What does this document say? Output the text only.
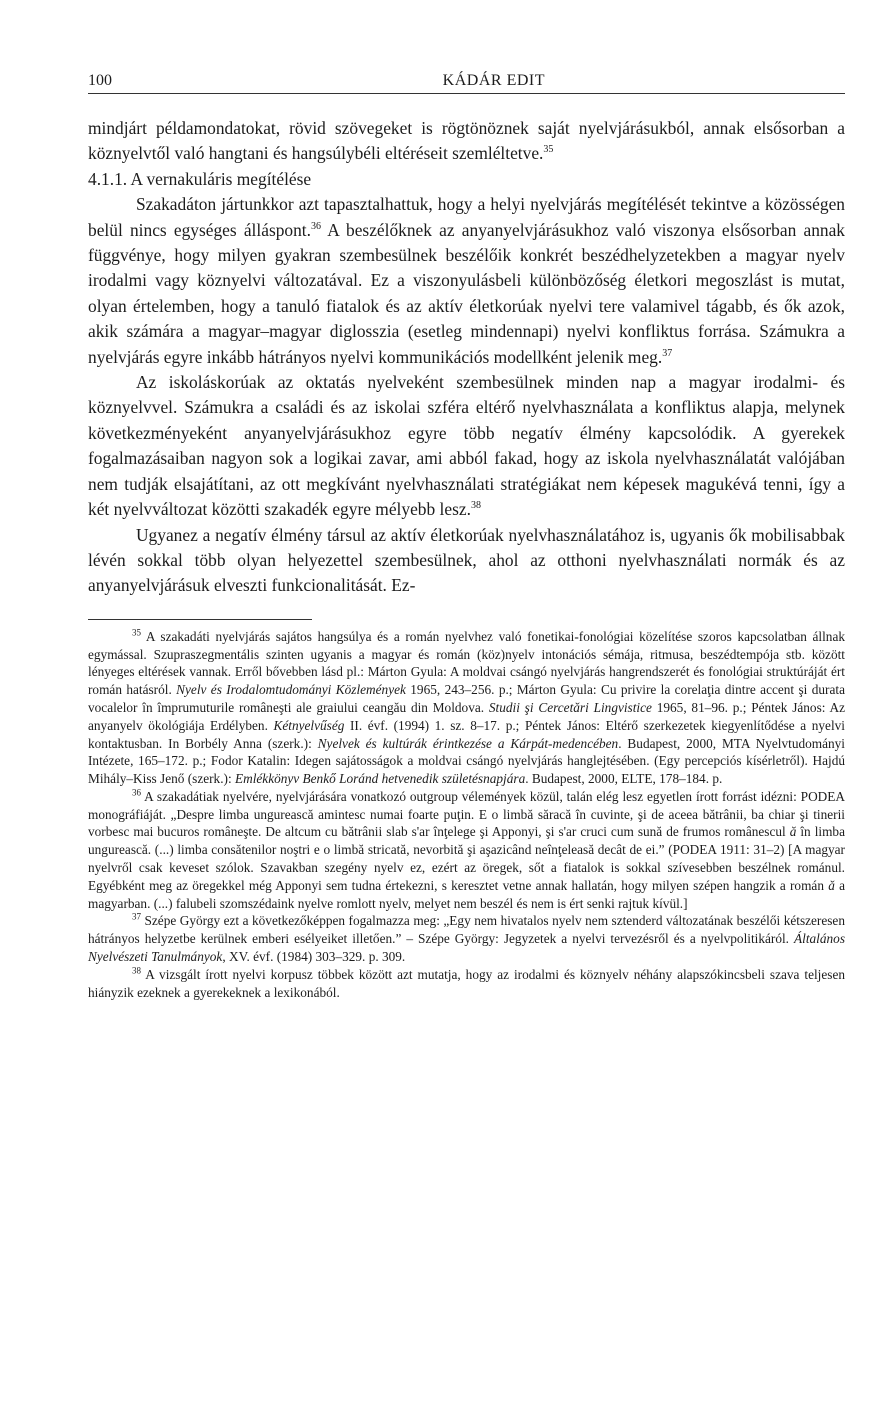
100	KÁDÁR EDIT

mindjárt példamondatokat, rövid szövegeket is rögtönöznek saját nyelvjárásukból, annak elsősorban a köznyelvtől való hangtani és hangsúlybéli eltéréseit szemléltetve.$^{35}$

4.1.1. A vernakuláris megítélése

Szakadáton jártunkkor azt tapasztalhattuk, hogy a helyi nyelvjárás megítélését tekintve a közösségen belül nincs egységes álláspont.$^{36}$ A beszélőknek az anyanyelvjárásukhoz való viszonya elsősorban annak függvénye, hogy milyen gyakran szembesülnek beszélőik konkrét beszédhelyzetekben a magyar nyelv irodalmi vagy köznyelvi változatával. Ez a viszonyulásbeli különbözőség életkori megoszlást is mutat, olyan értelemben, hogy a tanuló fiatalok és az aktív életkorúak nyelvi tere valamivel tágabb, és ők azok, akik számára a magyar–magyar diglosszia (esetleg mindennapi) nyelvi konfliktus forrása. Számukra a nyelvjárás egyre inkább hátrányos nyelvi kommunikációs modellként jelenik meg.$^{37}$

Az iskoláskorúak az oktatás nyelveként szembesülnek minden nap a magyar irodalmi- és köznyelvvel. Számukra a családi és az iskolai szféra eltérő nyelvhasználata a konfliktus alapja, melynek következményeként anyanyelvjárásukhoz egyre több negatív élmény kapcsolódik. A gyerekek fogalmazásaiban nagyon sok a logikai zavar, ami abból fakad, hogy az iskola nyelvhasználatát valójában nem tudják elsajátítani, az ott megkívánt nyelvhasználati stratégiákat nem képesek magukévá tenni, így a két nyelvváltozat közötti szakadék egyre mélyebb lesz.$^{38}$

Ugyanez a negatív élmény társul az aktív életkorúak nyelvhasználatához is, ugyanis ők mobilisabbak lévén sokkal több olyan helyezettel szembesülnek, ahol az otthoni nyelvhasználati normák és az anyanyelvjárásuk elveszti funkcionalitását. Ez-

$^{35}$ A szakadáti nyelvjárás sajátos hangsúlya és a román nyelvhez való fonetikai-fonológiai közelítése szoros kapcsolatban állnak egymással. Szupraszegmentális szinten ugyanis a magyar és román (köz)nyelv intonációs sémája, ritmusa, beszédtempója stb. között lényeges eltérések vannak. Erről bővebben lásd pl.: Márton Gyula: A moldvai csángó nyelvjárás hangrendszerét és fonológiai struktúráját ért román hatásról. Nyelv és Irodalomtudományi Közlemények 1965, 243–256. p.; Márton Gyula: Cu privire la corelaţia dintre accent şi durata vocalelor în împrumuturile româneşti ale graiului ceangău din Moldova. Studii şi Cercetări Lingvistice 1965, 81–96. p.; Péntek János: Az anyanyelv ökológiája Erdélyben. Kétnyelvűség II. évf. (1994) 1. sz. 8–17. p.; Péntek János: Eltérő szerkezetek kiegyenlítődése a nyelvi kontaktusban. In Borbély Anna (szerk.): Nyelvek és kultúrák érintkezése a Kárpát-medencében. Budapest, 2000, MTA Nyelvtudományi Intézete, 165–172. p.; Fodor Katalin: Idegen sajátosságok a moldvai csángó nyelvjárás hanglejtésében. (Egy percepciós kísérletről). Hajdú Mihály–Kiss Jenő (szerk.): Emlékkönyv Benkő Loránd hetvenedik születésnapjára. Budapest, 2000, ELTE, 178–184. p.

$^{36}$ A szakadátiak nyelvére, nyelvjárására vonatkozó outgroup vélemények közül, talán elég lesz egyetlen írott forrást idézni: PODEA monográfiáját. „Despre limba ungurească amintesc numai foarte puţin. E o limbă săracă în cuvinte, şi de aceea bătrânii, ba chiar şi tinerii vorbesc mai bucuros româneşte. De altcum cu bătrânii slab s'ar înţelege şi Apponyi, şi s'ar cruci cum sună de frumos românescul ă în limba ungurească. (...) limba consătenilor noştri e o limbă stricată, nevorbită şi aşazicând neînţeleasă decât de ei.” (PODEA 1911: 31–2) [A magyar nyelvről csak keveset szólok. Szavakban szegény nyelv ez, ezért az öregek, sőt a fiatalok is sokkal szívesebben beszélnek románul. Egyébként meg az öregekkel még Apponyi sem tudna értekezni, s keresztet vetne annak hallatán, hogy milyen szépen hangzik a román ă a magyarban. (...) falubeli szomszédaink nyelve romlott nyelv, melyet nem beszél és nem is ért senki rajtuk kívül.]

$^{37}$ Szépe György ezt a következőképpen fogalmazza meg: „Egy nem hivatalos nyelv nem sztenderd változatának beszélői kétszeresen hátrányos helyzetbe kerülnek emberi esélyeiket illetően.” – Szépe György: Jegyzetek a nyelvi tervezésről és a nyelvpolitikáról. Általános Nyelvészeti Tanulmányok, XV. évf. (1984) 303–329. p. 309.

$^{38}$ A vizsgált írott nyelvi korpusz többek között azt mutatja, hogy az irodalmi és köznyelv néhány alapszókincsbeli szava teljesen hiányzik ezeknek a gyerekeknek a lexikonából.
